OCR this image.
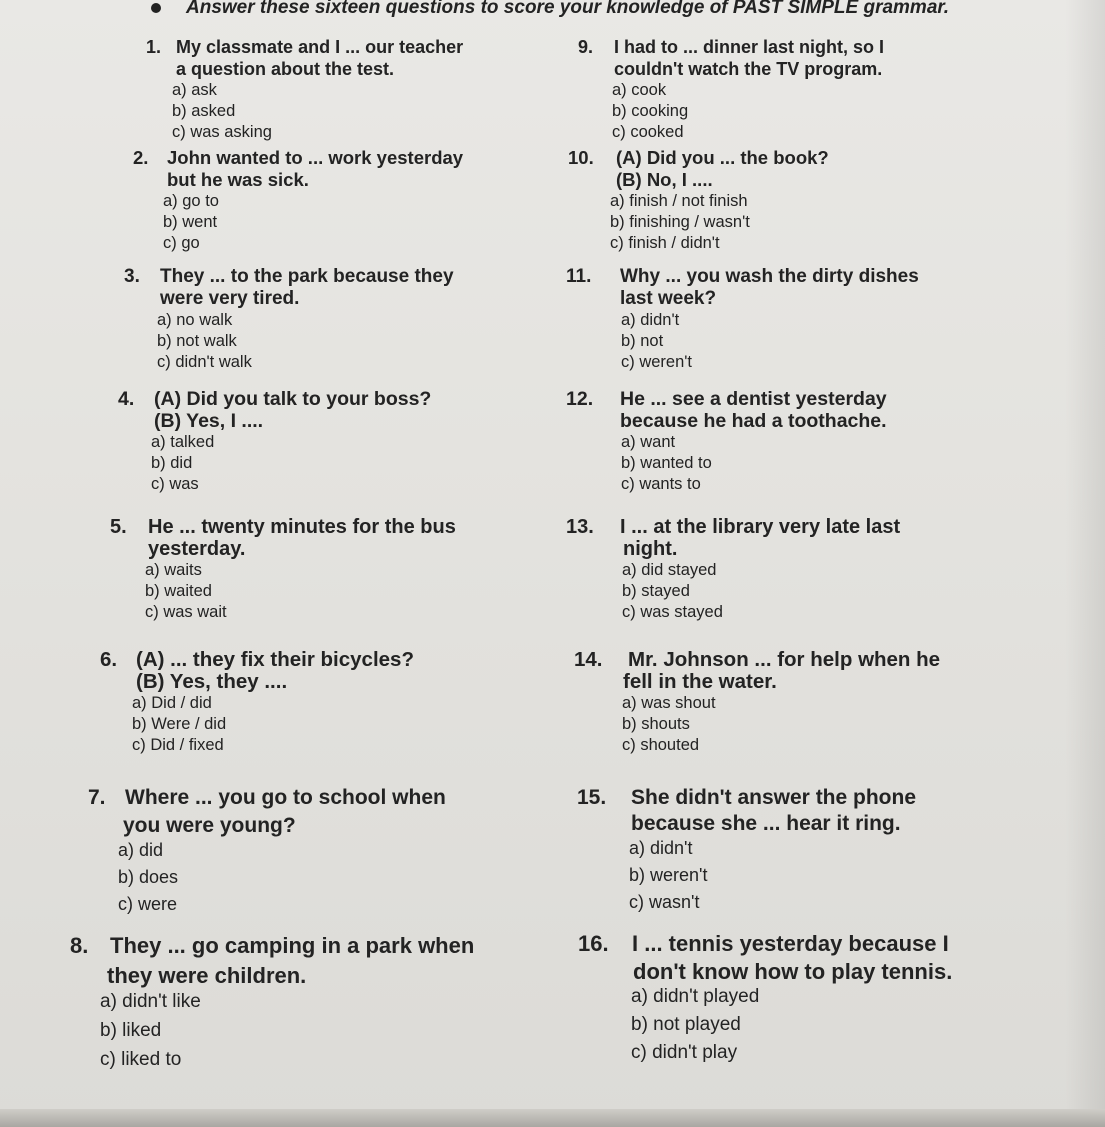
Answer these sixteen questions to score your knowledge of PAST SIMPLE grammar.
1. My classmate and I ... our teacher
a question about the test.
a) ask
b) asked
c) was asking
2. John wanted to ... work yesterday
but he was sick.
a) go to
b) went
c) go
3. They ... to the park because they
were very tired.
a) no walk
b) not walk
c) didn't walk
4. (A) Did you talk to your boss?
(B) Yes, I ....
a) talked
b) did
c) was
5. He ... twenty minutes for the bus
yesterday.
a) waits
b) waited
c) was wait
6. (A) ... they fix their bicycles?
(B) Yes, they ....
a) Did / did
b) Were / did
c) Did / fixed
7. Where ... you go to school when
you were young?
a) did
b) does
c) were
8. They ... go camping in a park when
they were children.
a) didn't like
b) liked
c) liked to
9. I had to ... dinner last night, so I
couldn't watch the TV program.
a) cook
b) cooking
c) cooked
10. (A) Did you ... the book?
(B) No, I ....
a) finish / not finish
b) finishing / wasn't
c) finish / didn't
11. Why ... you wash the dirty dishes
last week?
a) didn't
b) not
c) weren't
12. He ... see a dentist yesterday
because he had a toothache.
a) want
b) wanted to
c) wants to
13. I ... at the library very late last
night.
a) did stayed
b) stayed
c) was stayed
14. Mr. Johnson ... for help when he
fell in the water.
a) was shout
b) shouts
c) shouted
15. She didn't answer the phone
because she ... hear it ring.
a) didn't
b) weren't
c) wasn't
16. I ... tennis yesterday because I
don't know how to play tennis.
a) didn't played
b) not played
c) didn't play
